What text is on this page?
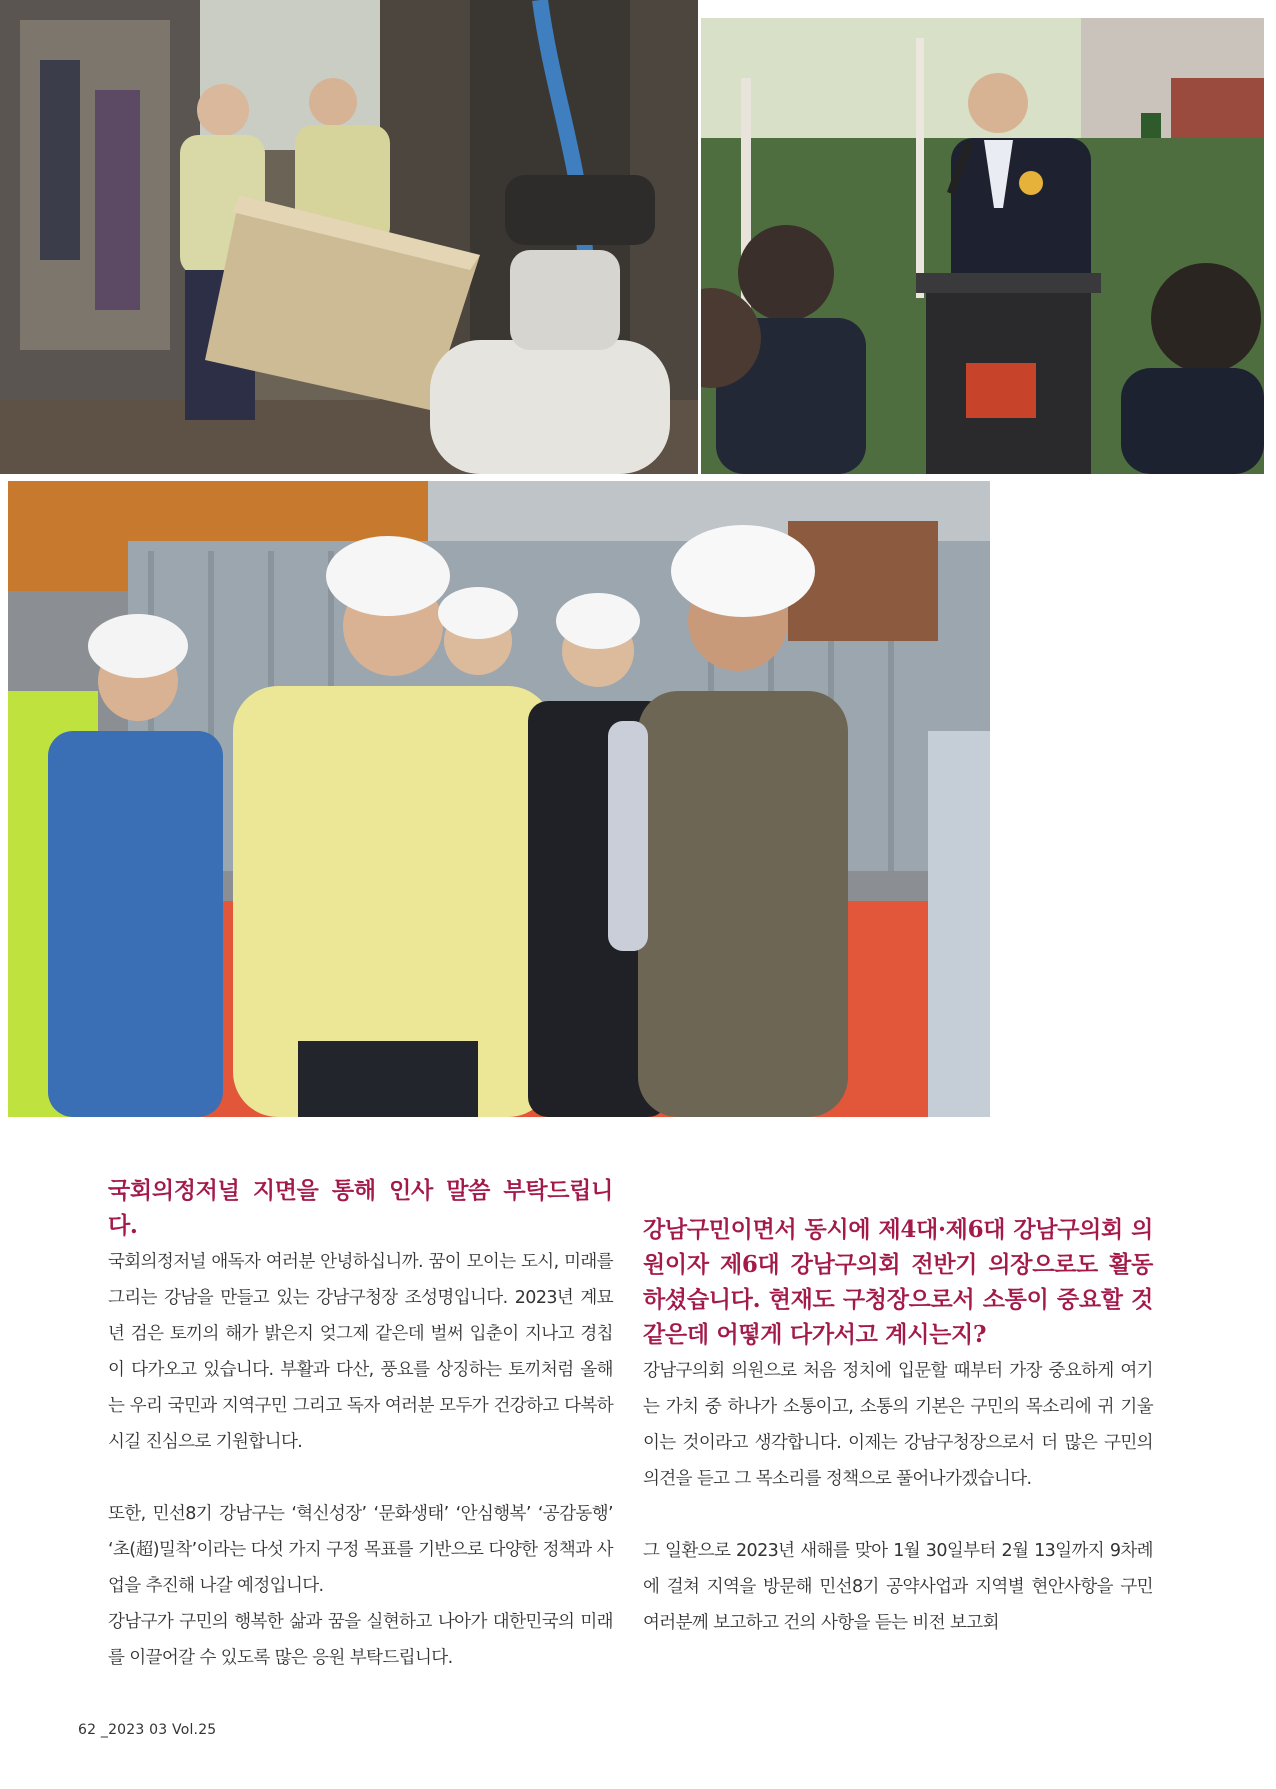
국회의정저널 지면을 통해 인사 말씀 부탁드립니다.

국회의정저널 애독자 여러분 안녕하십니까. 꿈이 모이는 도시, 미래를 그리는 강남을 만들고 있는 강남구청장 조성명입니다. 2023년 계묘년 검은 토끼의 해가 밝은지 엊그제 같은데 벌써 입춘이 지나고 경칩이 다가오고 있습니다. 부활과 다산, 풍요를 상징하는 토끼처럼 올해는 우리 국민과 지역구민 그리고 독자 여러분 모두가 건강하고 다복하시길 진심으로 기원합니다.

또한, 민선8기 강남구는 ‘혁신성장’ ‘문화생태’ ‘안심행복’ ‘공감동행’ ‘초(超)밀착’이라는 다섯 가지 구정 목표를 기반으로 다양한 정책과 사업을 추진해 나갈 예정입니다.

강남구가 구민의 행복한 삶과 꿈을 실현하고 나아가 대한민국의 미래를 이끌어갈 수 있도록 많은 응원 부탁드립니다.

강남구민이면서 동시에 제4대·제6대 강남구의회 의원이자 제6대 강남구의회 전반기 의장으로도 활동하셨습니다. 현재도 구청장으로서 소통이 중요할 것 같은데 어떻게 다가서고 계시는지?

강남구의회 의원으로 처음 정치에 입문할 때부터 가장 중요하게 여기는 가치 중 하나가 소통이고, 소통의 기본은 구민의 목소리에 귀 기울이는 것이라고 생각합니다. 이제는 강남구청장으로서 더 많은 구민의 의견을 듣고 그 목소리를 정책으로 풀어나가겠습니다.

그 일환으로 2023년 새해를 맞아 1월 30일부터 2월 13일까지 9차례에 걸쳐 지역을 방문해 민선8기 공약사업과 지역별 현안사항을 구민 여러분께 보고하고 건의 사항을 듣는 비전 보고회

62 _2023 03 Vol.25
